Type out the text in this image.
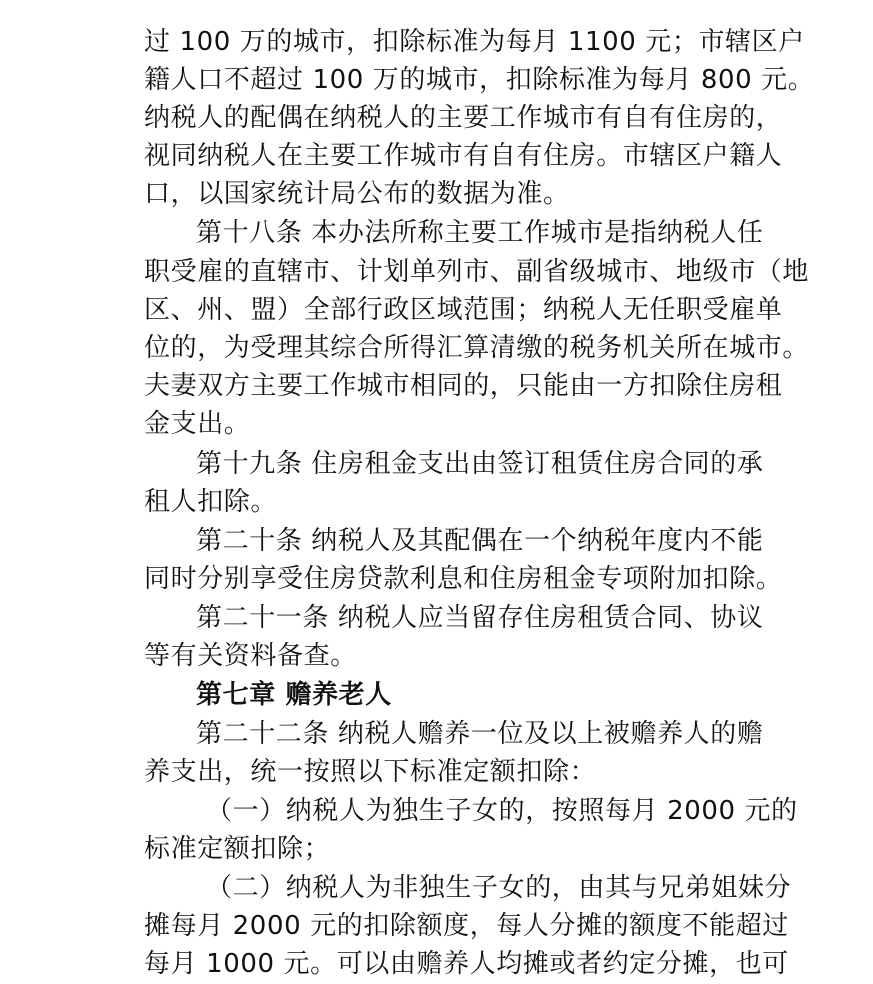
过 100 万的城市，扣除标准为每月 1100 元；市辖区户
籍人口不超过 100 万的城市，扣除标准为每月 800 元。
纳税人的配偶在纳税人的主要工作城市有自有住房的，
视同纳税人在主要工作城市有自有住房。市辖区户籍人
口，以国家统计局公布的数据为准。
第十八条 本办法所称主要工作城市是指纳税人任
职受雇的直辖市、计划单列市、副省级城市、地级市（地
区、州、盟）全部行政区域范围；纳税人无任职受雇单
位的，为受理其综合所得汇算清缴的税务机关所在城市。
夫妻双方主要工作城市相同的，只能由一方扣除住房租
金支出。
第十九条 住房租金支出由签订租赁住房合同的承
租人扣除。
第二十条 纳税人及其配偶在一个纳税年度内不能
同时分别享受住房贷款利息和住房租金专项附加扣除。
第二十一条 纳税人应当留存住房租赁合同、协议
等有关资料备查。
第七章 赡养老人
第二十二条 纳税人赡养一位及以上被赡养人的赡
养支出，统一按照以下标准定额扣除：
（一）纳税人为独生子女的，按照每月 2000 元的
标准定额扣除；
（二）纳税人为非独生子女的，由其与兄弟姐妹分
摊每月 2000 元的扣除额度，每人分摊的额度不能超过
每月 1000 元。可以由赡养人均摊或者约定分摊，也可
